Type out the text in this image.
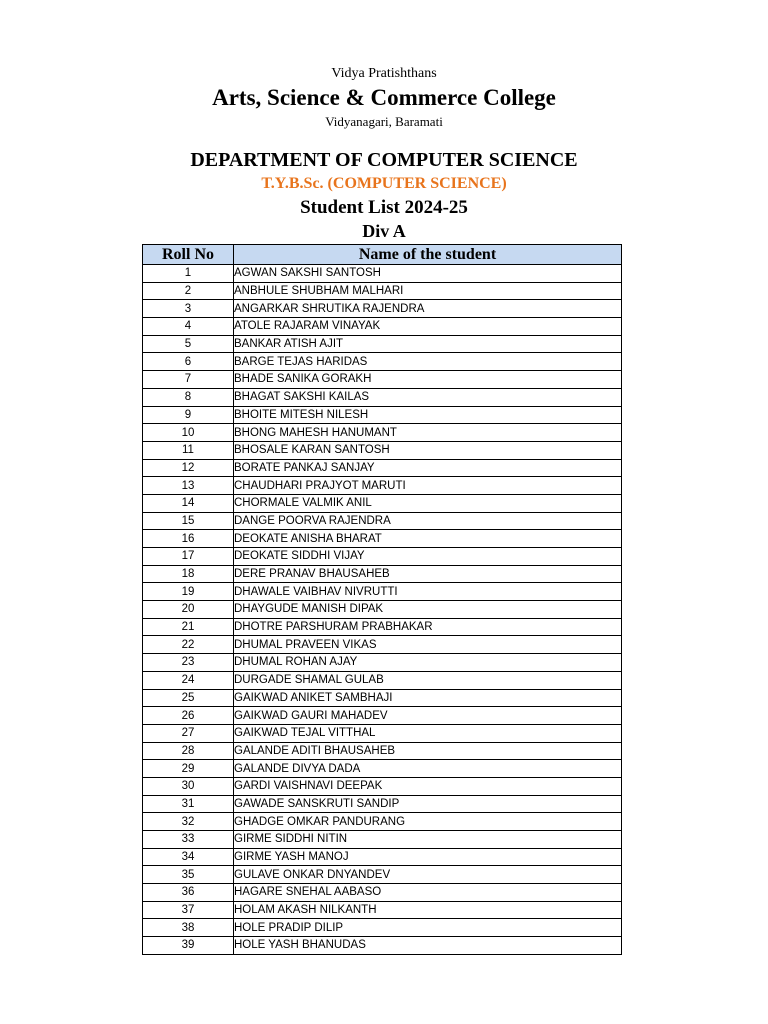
Vidya Pratishthans
Arts, Science & Commerce College
Vidyanagari, Baramati
DEPARTMENT OF COMPUTER SCIENCE
T.Y.B.Sc. (COMPUTER SCIENCE)
Student List 2024-25
Div A
Roll No	Name of the student
1	AGWAN SAKSHI SANTOSH
2	ANBHULE SHUBHAM MALHARI
3	ANGARKAR SHRUTIKA RAJENDRA
4	ATOLE RAJARAM VINAYAK
5	BANKAR ATISH AJIT
6	BARGE TEJAS HARIDAS
7	BHADE SANIKA GORAKH
8	BHAGAT SAKSHI KAILAS
9	BHOITE MITESH NILESH
10	BHONG MAHESH HANUMANT
11	BHOSALE KARAN SANTOSH
12	BORATE PANKAJ SANJAY
13	CHAUDHARI PRAJYOT MARUTI
14	CHORMALE VALMIK ANIL
15	DANGE POORVA RAJENDRA
16	DEOKATE ANISHA BHARAT
17	DEOKATE SIDDHI VIJAY
18	DERE PRANAV BHAUSAHEB
19	DHAWALE VAIBHAV NIVRUTTI
20	DHAYGUDE MANISH DIPAK
21	DHOTRE PARSHURAM PRABHAKAR
22	DHUMAL PRAVEEN VIKAS
23	DHUMAL ROHAN AJAY
24	DURGADE SHAMAL GULAB
25	GAIKWAD ANIKET SAMBHAJI
26	GAIKWAD GAURI MAHADEV
27	GAIKWAD TEJAL VITTHAL
28	GALANDE ADITI BHAUSAHEB
29	GALANDE DIVYA DADA
30	GARDI VAISHNAVI DEEPAK
31	GAWADE SANSKRUTI SANDIP
32	GHADGE OMKAR PANDURANG
33	GIRME SIDDHI NITIN
34	GIRME YASH MANOJ
35	GULAVE ONKAR DNYANDEV
36	HAGARE SNEHAL AABASO
37	HOLAM AKASH NILKANTH
38	HOLE PRADIP DILIP
39	HOLE YASH BHANUDAS
